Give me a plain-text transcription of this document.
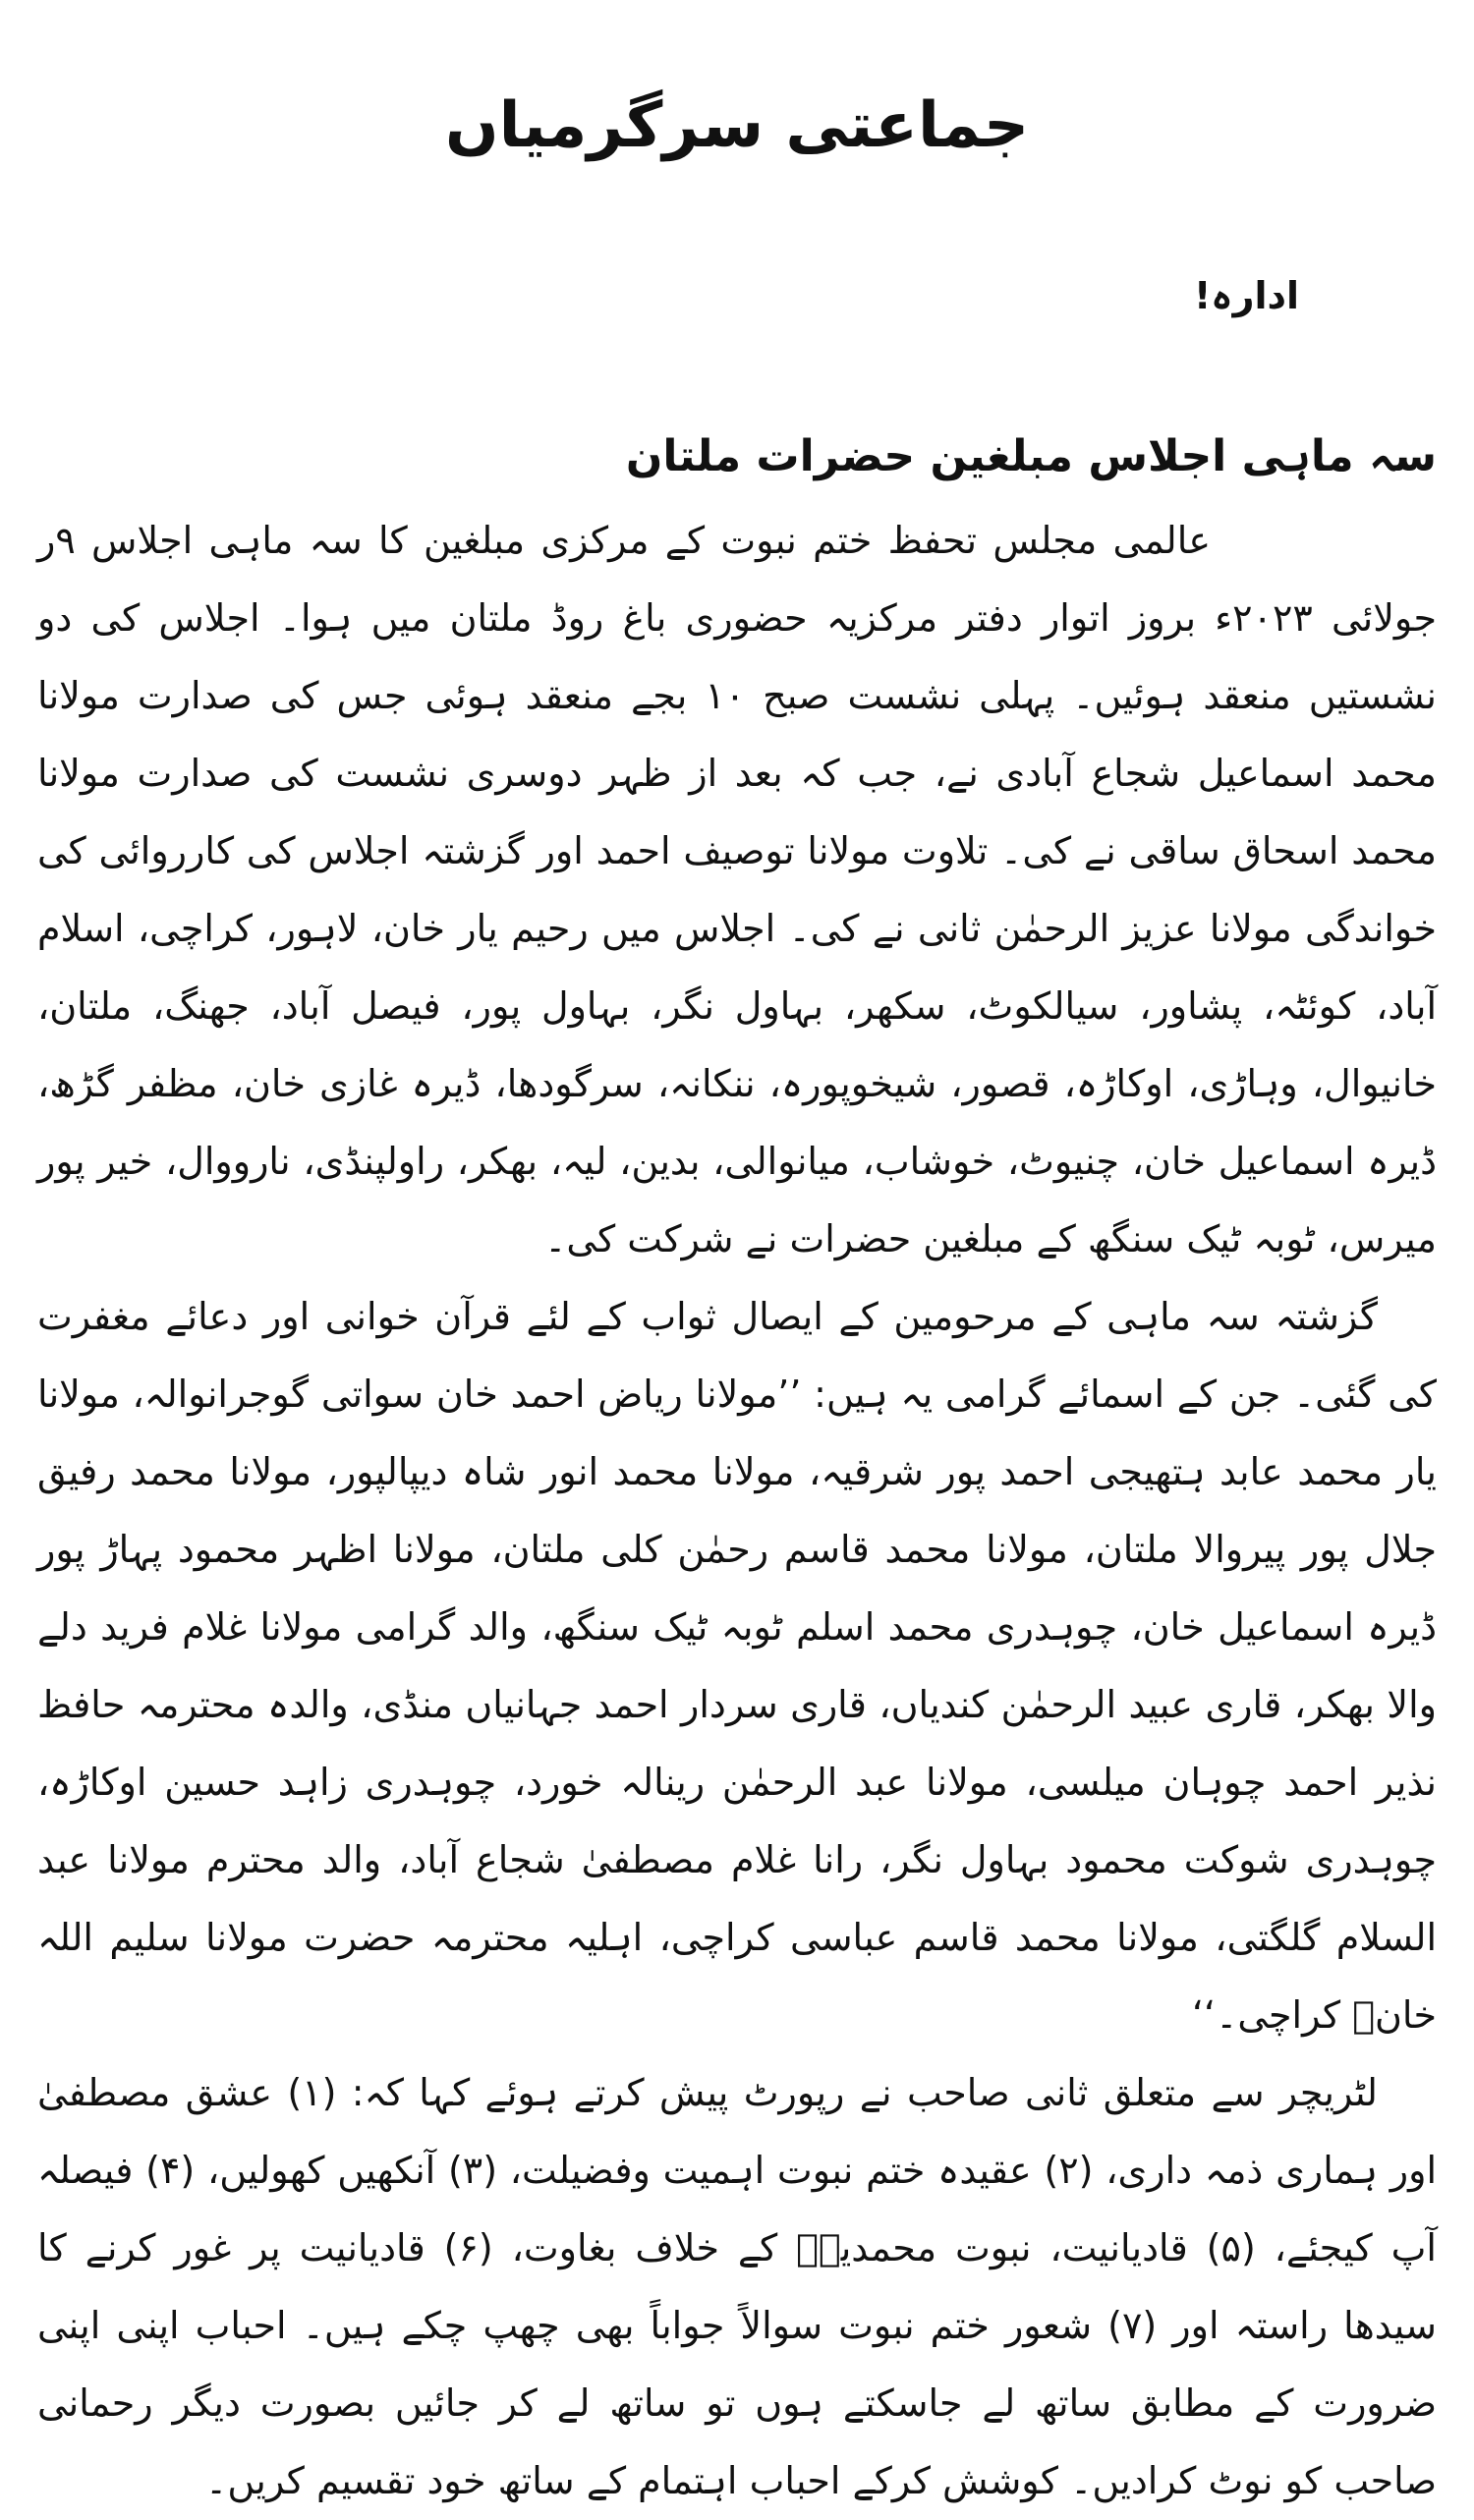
جماعتی سرگرمیاں
ادارہ!
سہ ماہی اجلاس مبلغین حضرات ملتان

عالمی مجلس تحفظ ختم نبوت کے مرکزی مبلغین کا سہ ماہی اجلاس ۹ر جولائی ۲۰۲۳ء بروز اتوار دفتر مرکزیہ حضوری باغ روڈ ملتان میں ہوا۔ اجلاس کی دو نشستیں منعقد ہوئیں۔ پہلی نشست صبح ۱۰ بجے منعقد ہوئی جس کی صدارت مولانا محمد اسماعیل شجاع آبادی نے، جب کہ بعد از ظہر دوسری نشست کی صدارت مولانا محمد اسحاق ساقی نے کی۔ تلاوت مولانا توصیف احمد اور گزشتہ اجلاس کی کارروائی کی خواندگی مولانا عزیز الرحمٰن ثانی نے کی۔ اجلاس میں رحیم یار خان، لاہور، کراچی، اسلام آباد، کوئٹہ، پشاور، سیالکوٹ، سکھر، بہاول نگر، بہاول پور، فیصل آباد، جھنگ، ملتان، خانیوال، وہاڑی، اوکاڑہ، قصور، شیخوپورہ، ننکانہ، سرگودھا، ڈیرہ غازی خان، مظفر گڑھ، ڈیرہ اسماعیل خان، چنیوٹ، خوشاب، میانوالی، بدین، لیہ، بھکر، راولپنڈی، نارووال، خیر پور میرس، ٹوبہ ٹیک سنگھ کے مبلغین حضرات نے شرکت کی۔

گزشتہ سہ ماہی کے مرحومین کے ایصال ثواب کے لئے قرآن خوانی اور دعائے مغفرت کی گئی۔ جن کے اسمائے گرامی یہ ہیں: ’’مولانا ریاض احمد خان سواتی گوجرانوالہ، مولانا یار محمد عابد ہتھیجی احمد پور شرقیہ، مولانا محمد انور شاہ دیپالپور، مولانا محمد رفیق جلال پور پیروالا ملتان، مولانا محمد قاسم رحمٰن کلی ملتان، مولانا اظہر محمود پہاڑ پور ڈیرہ اسماعیل خان، چوہدری محمد اسلم ٹوبہ ٹیک سنگھ، والد گرامی مولانا غلام فرید دلے والا بھکر، قاری عبید الرحمٰن کندیاں، قاری سردار احمد جہانیاں منڈی، والدہ محترمہ حافظ نذیر احمد چوہان میلسی، مولانا عبد الرحمٰن رینالہ خورد، چوہدری زاہد حسین اوکاڑہ، چوہدری شوکت محمود بہاول نگر، رانا غلام مصطفیٰ شجاع آباد، والد محترم مولانا عبد السلام گلگتی، مولانا محمد قاسم عباسی کراچی، اہلیہ محترمہ حضرت مولانا سلیم اللہ خانؒ کراچی۔‘‘

لٹریچر سے متعلق ثانی صاحب نے رپورٹ پیش کرتے ہوئے کہا کہ: (۱) عشق مصطفیٰ اور ہماری ذمہ داری، (۲) عقیدہ ختم نبوت اہمیت وفضیلت، (۳) آنکھیں کھولیں، (۴) فیصلہ آپ کیجئے، (۵) قادیانیت، نبوت محمدیہؐ کے خلاف بغاوت، (۶) قادیانیت پر غور کرنے کا سیدھا راستہ اور (۷) شعور ختم نبوت سوالاً جواباً بھی چھپ چکے ہیں۔ احباب اپنی اپنی ضرورت کے مطابق ساتھ لے جاسکتے ہوں تو ساتھ لے کر جائیں بصورت دیگر رحمانی صاحب کو نوٹ کرادیں۔ کوشش کرکے احباب اہتمام کے ساتھ خود تقسیم کریں۔
